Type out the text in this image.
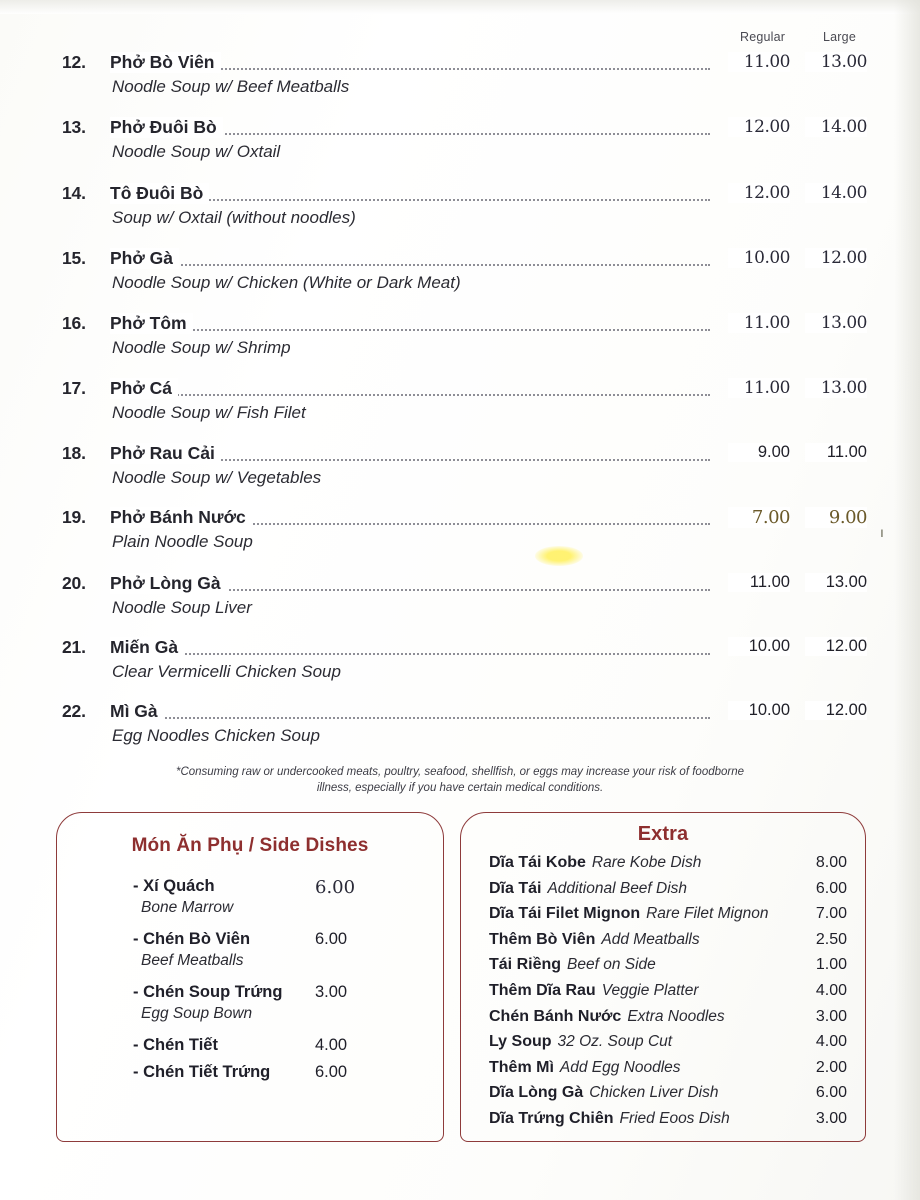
Regular	Large
12.	Phở Bò Viên	11.00	13.00
Noodle Soup w/ Beef Meatballs
13.	Phở Đuôi Bò	12.00	14.00
Noodle Soup w/ Oxtail
14.	Tô Đuôi Bò	12.00	14.00
Soup w/ Oxtail (without noodles)
15.	Phở Gà	10.00	12.00
Noodle Soup w/ Chicken (White or Dark Meat)
16.	Phở Tôm	11.00	13.00
Noodle Soup w/ Shrimp
17.	Phở Cá	11.00	13.00
Noodle Soup w/ Fish Filet
18.	Phở Rau Cải	9.00	11.00
Noodle Soup w/ Vegetables
19.	Phở Bánh Nước	7.00	9.00
Plain Noodle Soup
20.	Phở Lòng Gà	11.00	13.00
Noodle Soup Liver
21.	Miến Gà	10.00	12.00
Clear Vermicelli Chicken Soup
22.	Mì Gà	10.00	12.00
Egg Noodles Chicken Soup
ı
*Consuming raw or undercooked meats, poultry, seafood, shellfish, or eggs may increase your risk of foodborne
illness, especially if you have certain medical conditions.
Món Ăn Phụ / Side Dishes
- Xí Quách	6.00
Bone Marrow
- Chén Bò Viên	6.00
Beef Meatballs
- Chén Soup Trứng 3.00
Egg Soup Bown
- Chén Tiết	4.00
- Chén Tiết Trứng	6.00
Extra
Dĩa Tái Kobe Rare Kobe Dish	8.00
Dĩa Tái Additional Beef Dish	6.00
Dĩa Tái Filet Mignon Rare Filet Mignon	7.00
Thêm Bò Viên Add Meatballs	2.50
Tái Riềng Beef on Side	1.00
Thêm Dĩa Rau Veggie Platter	4.00
Chén Bánh Nước Extra Noodles	3.00
Ly Soup 32 Oz. Soup Cut	4.00
Thêm Mì Add Egg Noodles	2.00
Dĩa Lòng Gà Chicken Liver Dish	6.00
Dĩa Trứng Chiên Fried Eoos Dish	3.00
